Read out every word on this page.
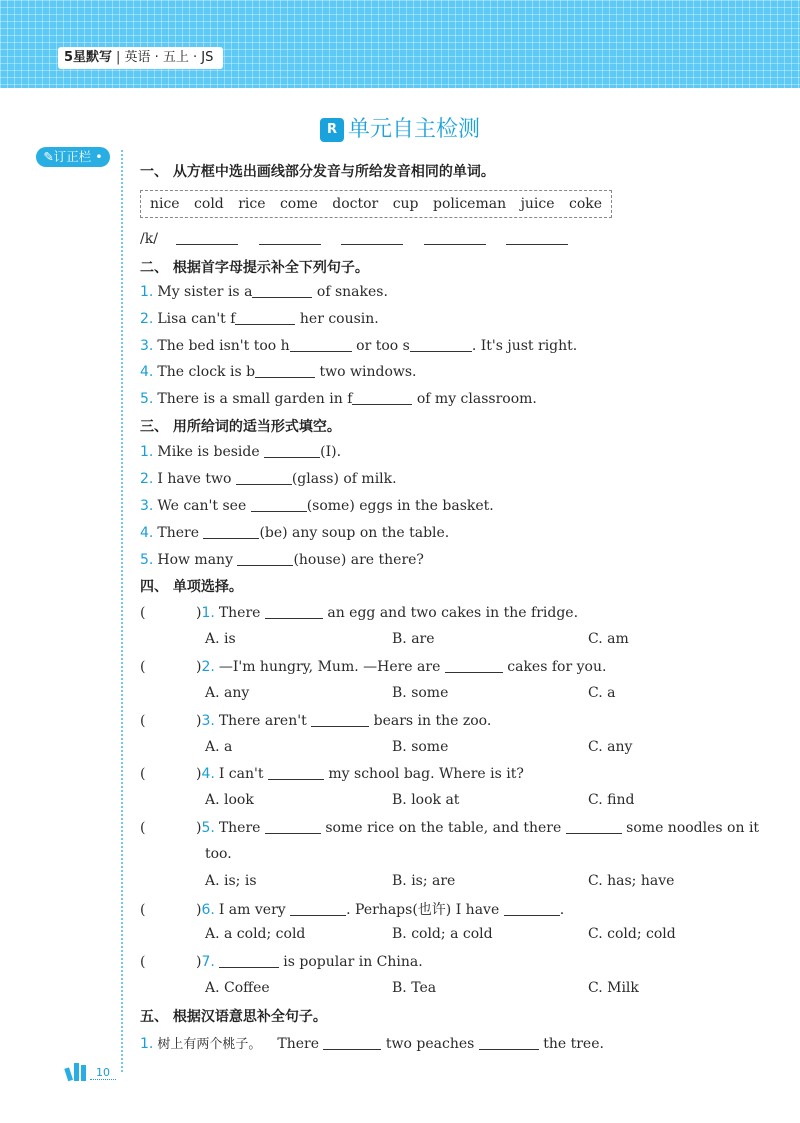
5星默写 | 英语 · 五上 · JS
R 单元自主检测
✎订正栏 •
一、 从方框中选出画线部分发音与所给发音相同的单词。
nice cold rice come doctor cup policeman juice coke
/k/
二、 根据首字母提示补全下列句子。
1. My sister is a	of snakes.
2. Lisa can't f	her cousin.
3. The bed isn't too h	or too s	. It's just right.
4. The clock is b	two windows.
5. There is a small garden in f	of my classroom.
三、 用所给词的适当形式填空。
1. Mike is beside	(I).
2. I have two	(glass) of milk.
3. We can't see	(some) eggs in the basket.
4. There	(be) any soup on the table.
5. How many	(house) are there?
四、 单项选择。
(	)1. There	an egg and two cakes in the fridge.
A. is	B. are	C. am
(	)2. —I'm hungry, Mum. —Here are	cakes for you.
A. any	B. some	C. a
(	)3. There aren't	bears in the zoo.
A. a	B. some	C. any
(	)4. I can't	my school bag. Where is it?
A. look	B. look at	C. find
(	)5. There	some rice on the table, and there	some noodles on it
too.
A. is; is	B. is; are	C. has; have
(	)6. I am very	. Perhaps(也许) I have	.
A. a cold; cold	B. cold; a cold	C. cold; cold
(	)7.	is popular in China.
A. Coffee	B. Tea	C. Milk
五、 根据汉语意思补全句子。
1. 树上有两个桃子。 There	two peaches	the tree.
10
